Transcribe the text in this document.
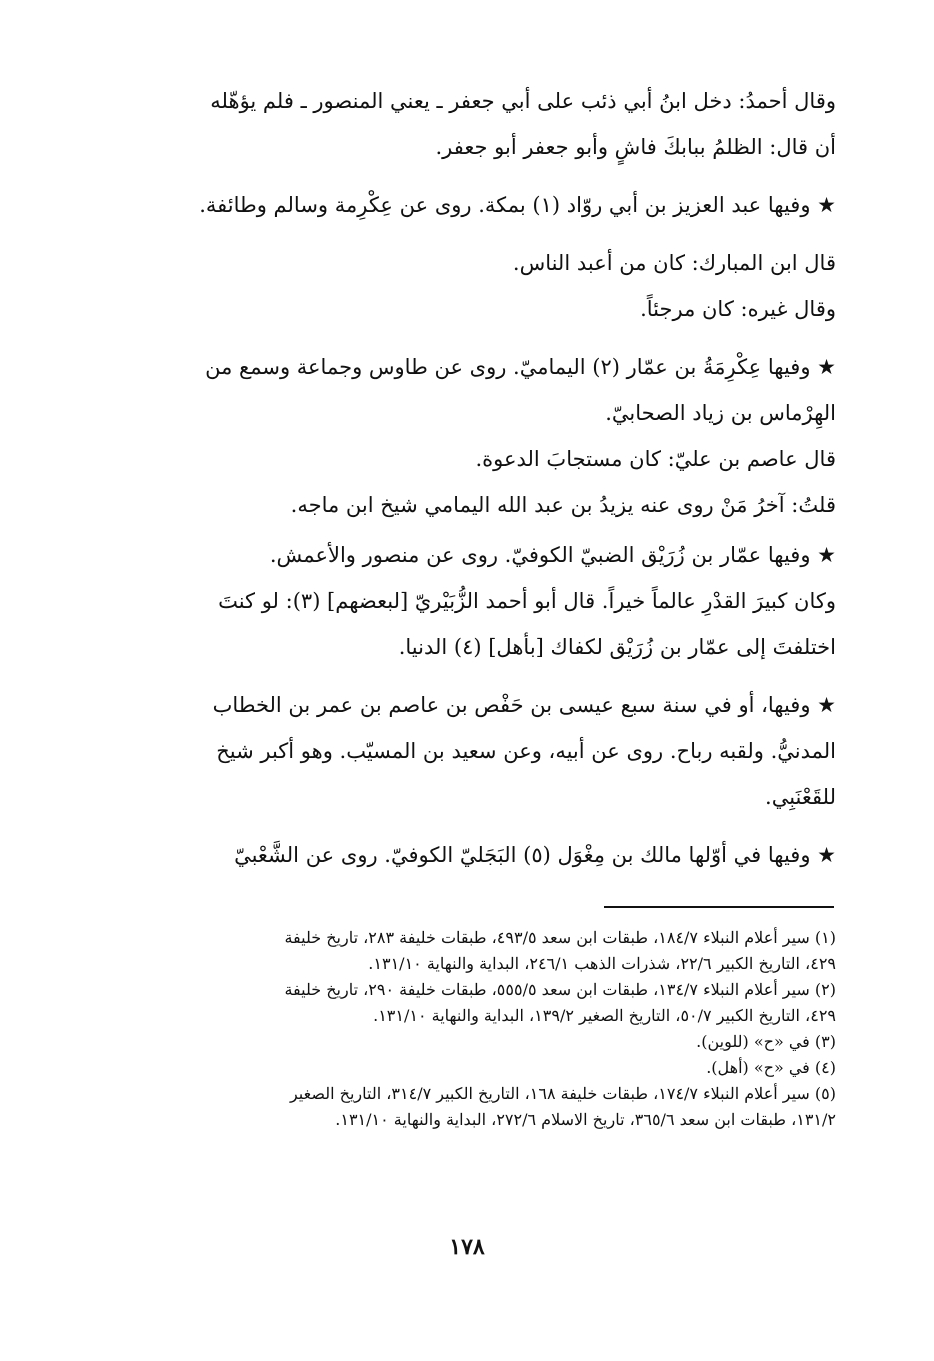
وقال أحمدُ: دخل ابنُ أبي ذئب على أبي جعفر ـ يعني المنصور ـ فلم يؤهّله
أن قال: الظلمُ ببابكَ فاشٍ وأبو جعفر أبو جعفر.
★ وفيها عبد العزيز بن أبي روّاد (١) بمكة. روى عن عِكْرِمة وسالم وطائفة.
قال ابن المبارك: كان من أعبد الناس.
وقال غيره: كان مرجئاً.
★ وفيها عِكْرِمَةُ بن عمّار (٢) اليماميّ. روى عن طاوس وجماعة وسمع من
الهِرْماس بن زياد الصحابيّ.
قال عاصم بن عليّ: كان مستجابَ الدعوة.
قلتُ: آخرُ مَنْ روى عنه يزيدُ بن عبد الله اليمامي شيخ ابن ماجه.
★ وفيها عمّار بن زُرَيْق الضبيّ الكوفيّ. روى عن منصور والأعمش.
وكان كبيرَ القدْرِ عالماً خيراً. قال أبو أحمد الزُّبَيْريّ [لبعضهم] (٣): لو كنتَ
اختلفتَ إلى عمّار بن زُرَيْق لكفاك [بأهل] (٤) الدنيا.
★ وفيها، أو في سنة سبع عيسى بن حَفْص بن عاصم بن عمر بن الخطاب
المدنيُّ. ولقبه رباح. روى عن أبيه، وعن سعيد بن المسيّب. وهو أكبر شيخ
للقَعْنَبِي.
★ وفيها في أوّلها مالك بن مِغْوَل (٥) البَجَليّ الكوفيّ. روى عن الشَّعْبيّ
(١) سير أعلام النبلاء ١٨٤/٧، طبقات ابن سعد ٤٩٣/٥، طبقات خليفة ٢٨٣، تاريخ خليفة
٤٢٩، التاريخ الكبير ٢٢/٦، شذرات الذهب ٢٤٦/١، البداية والنهاية ١٣١/١٠.
(٢) سير أعلام النبلاء ١٣٤/٧، طبقات ابن سعد ٥٥٥/٥، طبقات خليفة ٢٩٠، تاريخ خليفة
٤٢٩، التاريخ الكبير ٥٠/٧، التاريخ الصغير ١٣٩/٢، البداية والنهاية ١٣١/١٠.
(٣) في «ح» (للوين).
(٤) في «ح» (أهل).
(٥) سير أعلام النبلاء ١٧٤/٧، طبقات خليفة ١٦٨، التاريخ الكبير ٣١٤/٧، التاريخ الصغير
١٣١/٢، طبقات ابن سعد ٣٦٥/٦، تاريخ الاسلام ٢٧٢/٦، البداية والنهاية ١٣١/١٠.
١٧٨
